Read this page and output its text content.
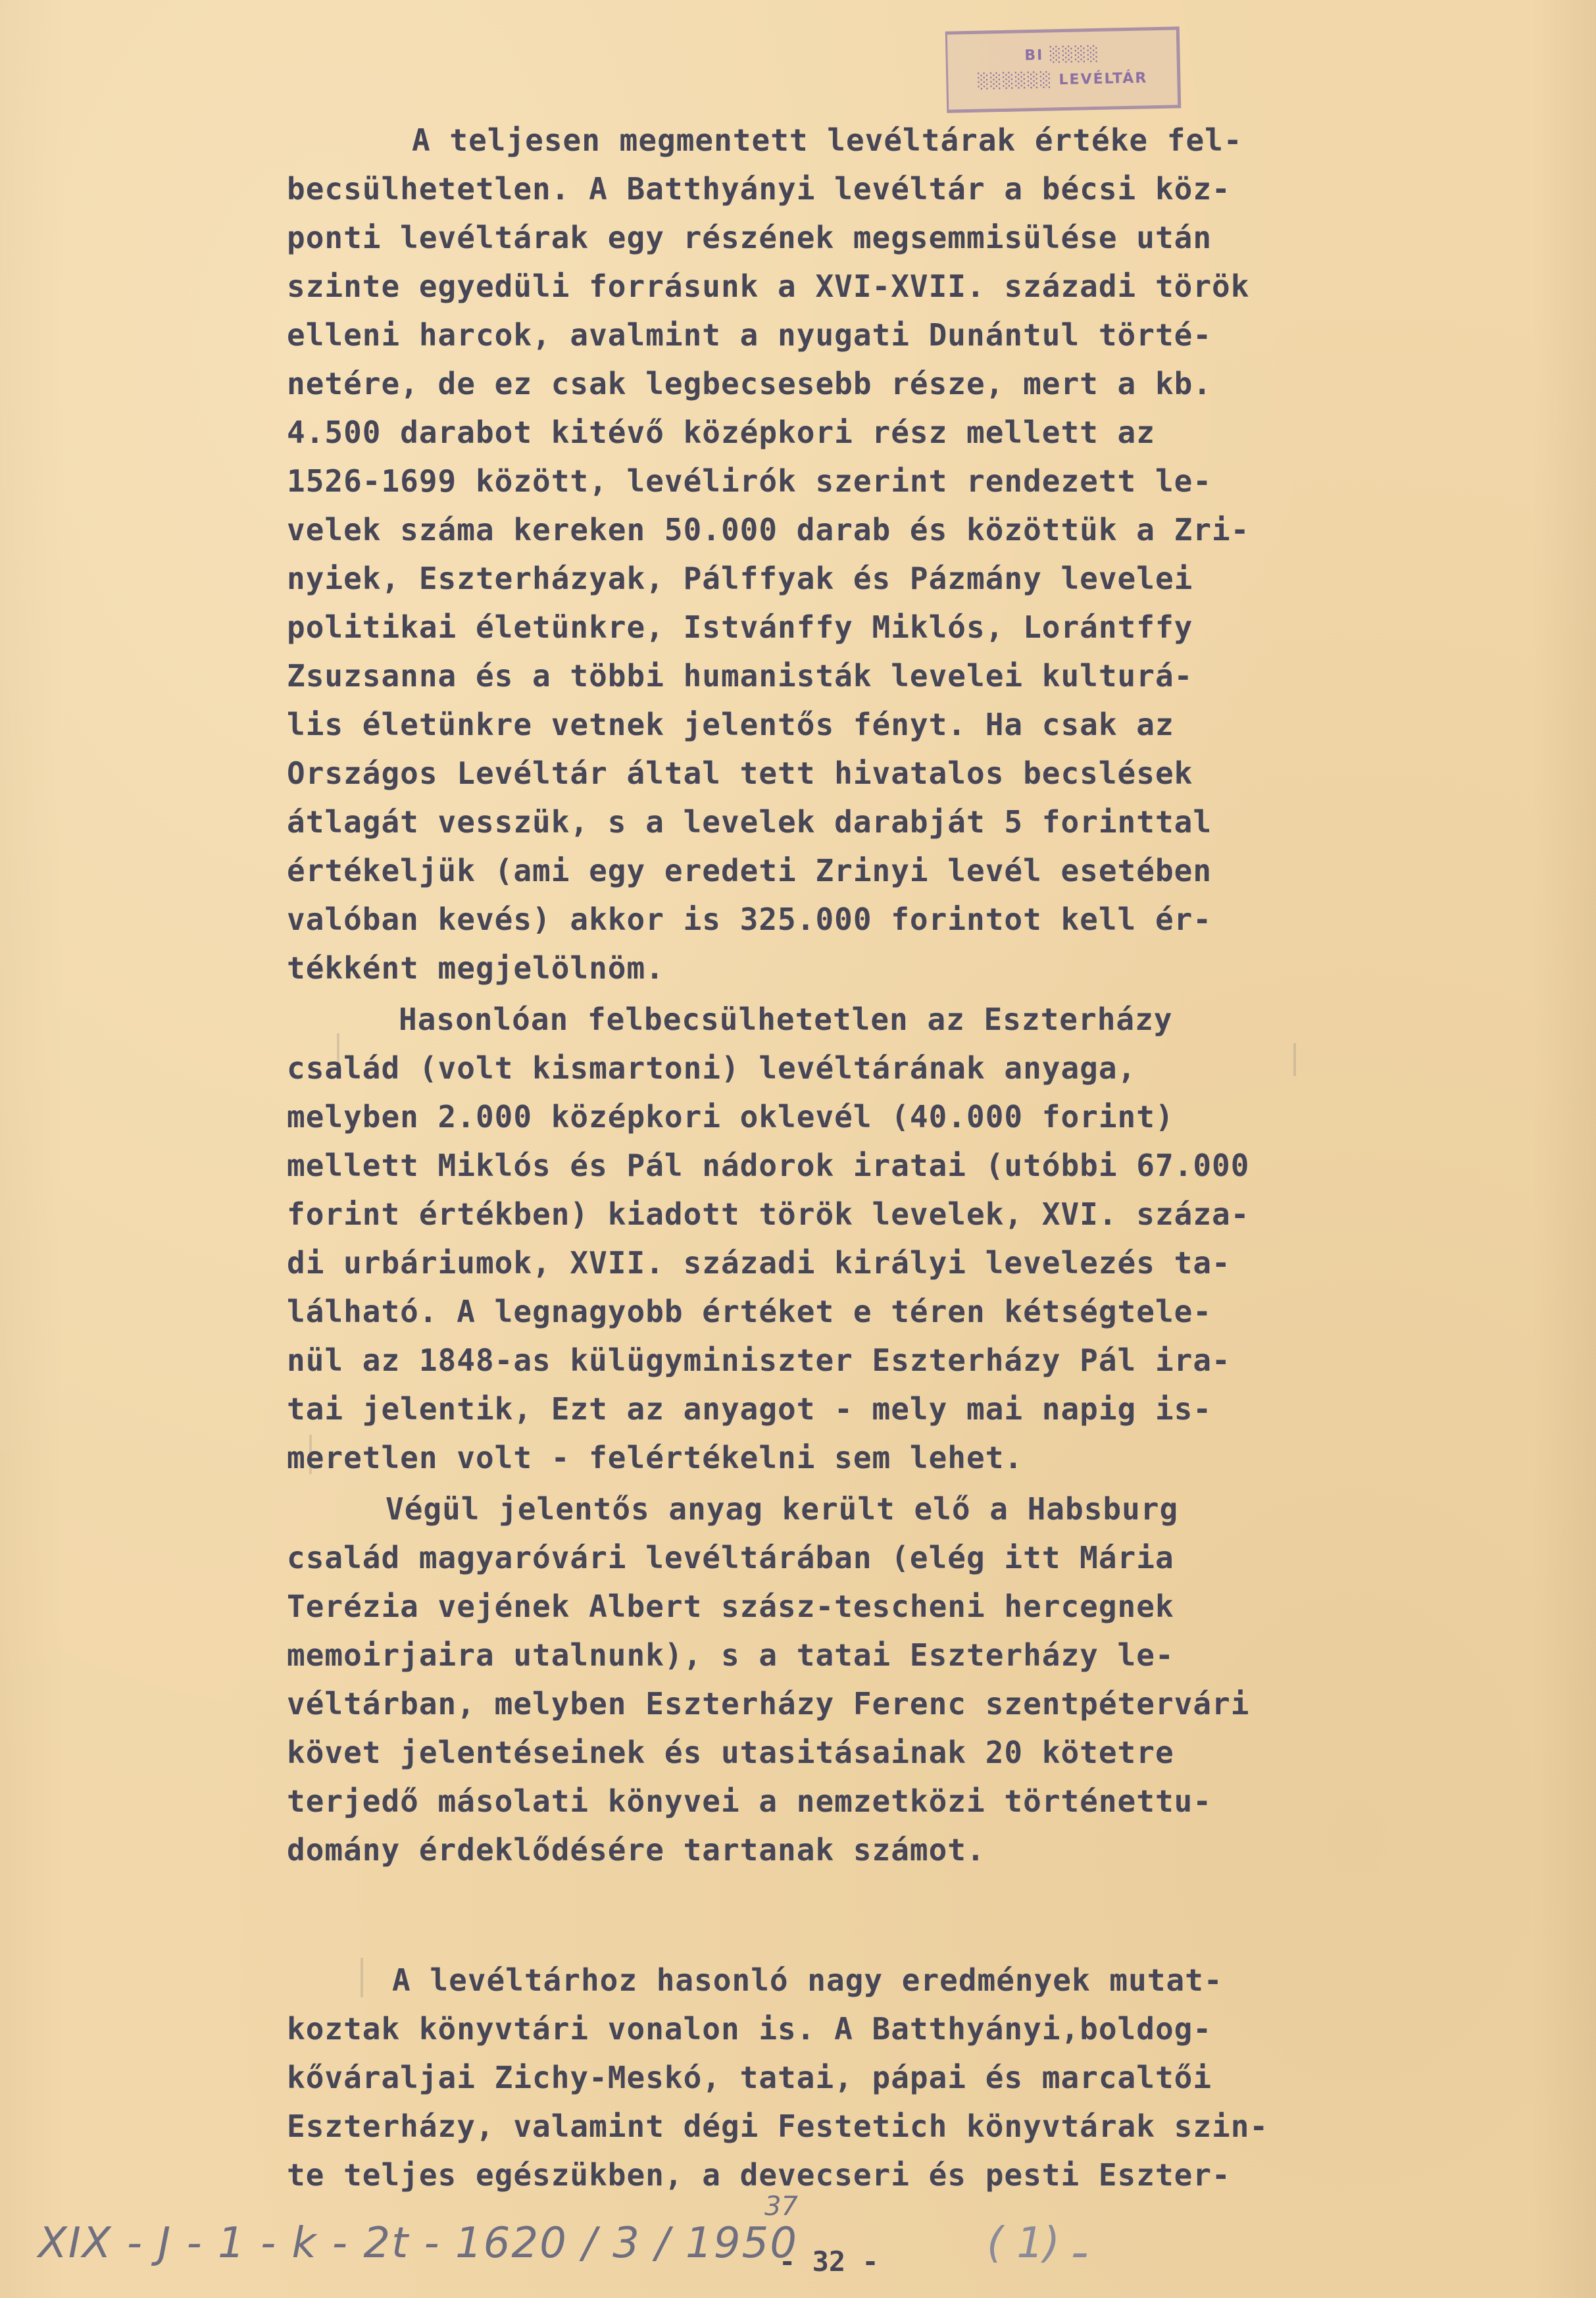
BI ░░░░
░░░░░░ LEVÉLTÁR
A teljesen megmentett levéltárak értéke fel-
becsülhetetlen. A Batthyányi levéltár a bécsi köz-
ponti levéltárak egy részének megsemmisülése után
szinte egyedüli forrásunk a XVI-XVII. századi török
elleni harcok, avalmint a nyugati Dunántul törté-
netére, de ez csak legbecsesebb része, mert a kb.
4.500 darabot kitévő középkori rész mellett az
1526-1699 között, levélirók szerint rendezett le-
velek száma kereken 50.000 darab és közöttük a Zri-
nyiek, Eszterházyak, Pálffyak és Pázmány levelei
politikai életünkre, Istvánffy Miklós, Lorántffy
Zsuzsanna és a többi humanisták levelei kulturá-
lis életünkre vetnek jelentős fényt. Ha csak az
Országos Levéltár által tett hivatalos becslések
átlagát vesszük, s a levelek darabját 5 forinttal
értékeljük (ami egy eredeti Zrinyi levél esetében
valóban kevés) akkor is 325.000 forintot kell ér-
tékként megjelölnöm.
Hasonlóan felbecsülhetetlen az Eszterházy
család (volt kismartoni) levéltárának anyaga,
melyben 2.000 középkori oklevél (40.000 forint)
mellett Miklós és Pál nádorok iratai (utóbbi 67.000
forint értékben) kiadott török levelek, XVI. száza-
di urbáriumok, XVII. századi királyi levelezés ta-
lálható. A legnagyobb értéket e téren kétségtele-
nül az 1848-as külügyminiszter Eszterházy Pál ira-
tai jelentik, Ezt az anyagot - mely mai napig is-
meretlen volt - felértékelni sem lehet.
Végül jelentős anyag került elő a Habsburg
család magyaróvári levéltárában (elég itt Mária
Terézia vejének Albert szász-tescheni hercegnek
memoirjaira utalnunk), s a tatai Eszterházy le-
véltárban, melyben Eszterházy Ferenc szentpétervári
követ jelentéseinek és utasitásainak 20 kötetre
terjedő másolati könyvei a nemzetközi történettu-
domány érdeklődésére tartanak számot.
A levéltárhoz hasonló nagy eredmények mutat-
koztak könyvtári vonalon is. A Batthyányi,boldog-
kőváraljai Zichy-Meskó, tatai, pápai és marcaltői
Eszterházy, valamint dégi Festetich könyvtárak szin-
te teljes egészükben, a devecseri és pesti Eszter-
XIX - J - 1 - k - 2t - 1620 / 3 / 1950
37
- 32 -	( 1) ـ
